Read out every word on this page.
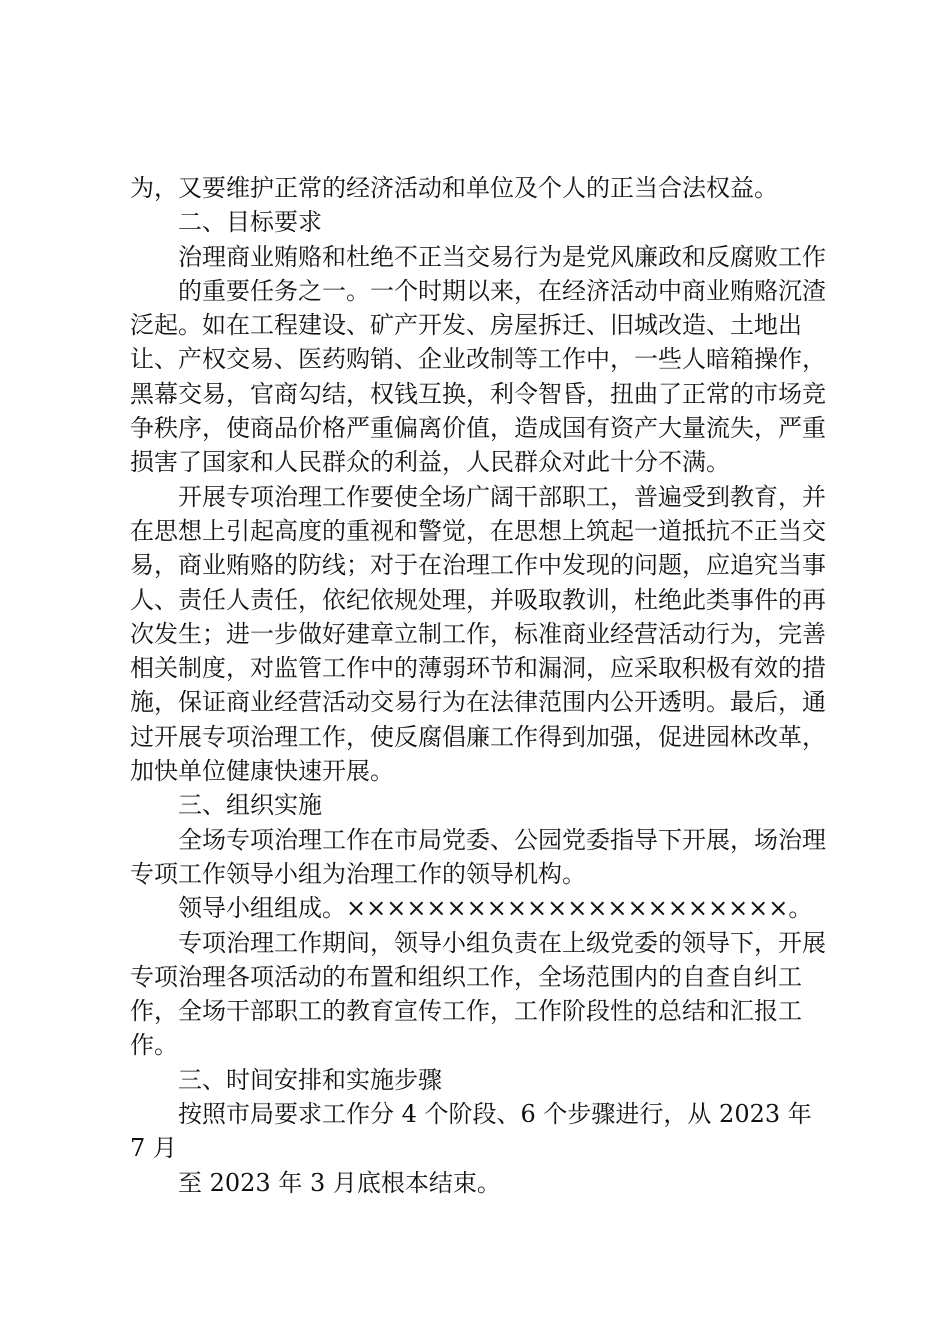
为，又要维护正常的经济活动和单位及个人的正当合法权益。

二、目标要求

治理商业贿赂和杜绝不正当交易行为是党风廉政和反腐败工作

的重要任务之一。一个时期以来，在经济活动中商业贿赂沉渣泛起。如在工程建设、矿产开发、房屋拆迁、旧城改造、土地出让、产权交易、医药购销、企业改制等工作中，一些人暗箱操作，黑幕交易，官商勾结，权钱互换，利令智昏，扭曲了正常的市场竞争秩序，使商品价格严重偏离价值，造成国有资产大量流失，严重损害了国家和人民群众的利益，人民群众对此十分不满。

开展专项治理工作要使全场广阔干部职工，普遍受到教育，并在思想上引起高度的重视和警觉，在思想上筑起一道抵抗不正当交易，商业贿赂的防线；对于在治理工作中发现的问题，应追究当事人、责任人责任，依纪依规处理，并吸取教训，杜绝此类事件的再次发生；进一步做好建章立制工作，标准商业经营活动行为，完善相关制度，对监管工作中的薄弱环节和漏洞，应采取积极有效的措施，保证商业经营活动交易行为在法律范围内公开透明。最后，通过开展专项治理工作，使反腐倡廉工作得到加强，促进园林改革，加快单位健康快速开展。

三、组织实施

全场专项治理工作在市局党委、公园党委指导下开展，场治理专项工作领导小组为治理工作的领导机构。

领导小组组成。××××××××××××××××××××××。

专项治理工作期间，领导小组负责在上级党委的领导下，开展专项治理各项活动的布置和组织工作，全场范围内的自查自纠工作，全场干部职工的教育宣传工作，工作阶段性的总结和汇报工作。

三、时间安排和实施步骤

按照市局要求工作分 4 个阶段、6 个步骤进行，从 2023 年 7 月

至 2023 年 3 月底根本结束。
